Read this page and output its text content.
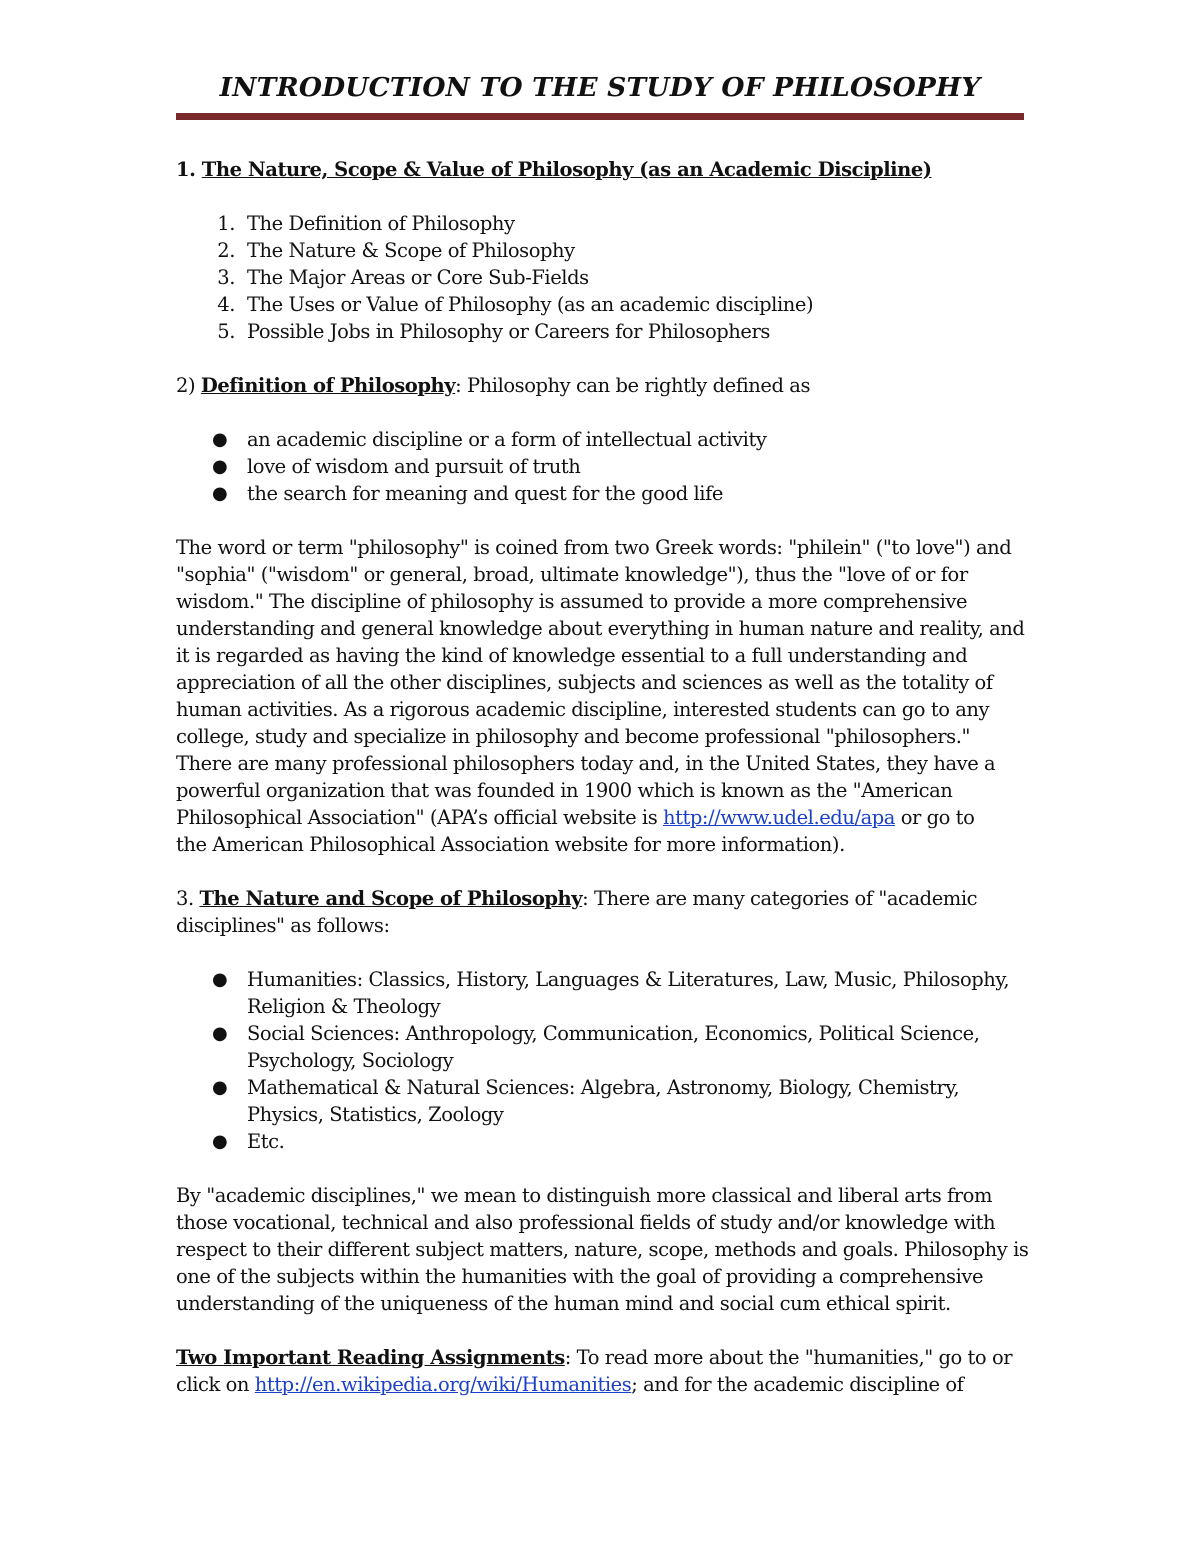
INTRODUCTION TO THE STUDY OF PHILOSOPHY

1. The Nature, Scope & Value of Philosophy (as an Academic Discipline)

1. The Definition of Philosophy
2. The Nature & Scope of Philosophy
3. The Major Areas or Core Sub-Fields
4. The Uses or Value of Philosophy (as an academic discipline)
5. Possible Jobs in Philosophy or Careers for Philosophers

2) Definition of Philosophy: Philosophy can be rightly defined as

● an academic discipline or a form of intellectual activity
● love of wisdom and pursuit of truth
● the search for meaning and quest for the good life

The word or term "philosophy" is coined from two Greek words: "philein" ("to love") and

"sophia" ("wisdom" or general, broad, ultimate knowledge"), thus the "love of or for

wisdom." The discipline of philosophy is assumed to provide a more comprehensive

understanding and general knowledge about everything in human nature and reality, and

it is regarded as having the kind of knowledge essential to a full understanding and

appreciation of all the other disciplines, subjects and sciences as well as the totality of

human activities. As a rigorous academic discipline, interested students can go to any

college, study and specialize in philosophy and become professional "philosophers."

There are many professional philosophers today and, in the United States, they have a

powerful organization that was founded in 1900 which is known as the "American

Philosophical Association" (APA’s official website is http://www.udel.edu/apa or go to

the American Philosophical Association website for more information).

3. The Nature and Scope of Philosophy: There are many categories of "academic

disciplines" as follows:

● Humanities: Classics, History, Languages & Literatures, Law, Music, Philosophy,
Religion & Theology
● Social Sciences: Anthropology, Communication, Economics, Political Science,
Psychology, Sociology
● Mathematical & Natural Sciences: Algebra, Astronomy, Biology, Chemistry,
Physics, Statistics, Zoology
● Etc.

By "academic disciplines," we mean to distinguish more classical and liberal arts from

those vocational, technical and also professional fields of study and/or knowledge with

respect to their different subject matters, nature, scope, methods and goals. Philosophy is

one of the subjects within the humanities with the goal of providing a comprehensive

understanding of the uniqueness of the human mind and social cum ethical spirit.

Two Important Reading Assignments: To read more about the "humanities," go to or

click on http://en.wikipedia.org/wiki/Humanities; and for the academic discipline of
